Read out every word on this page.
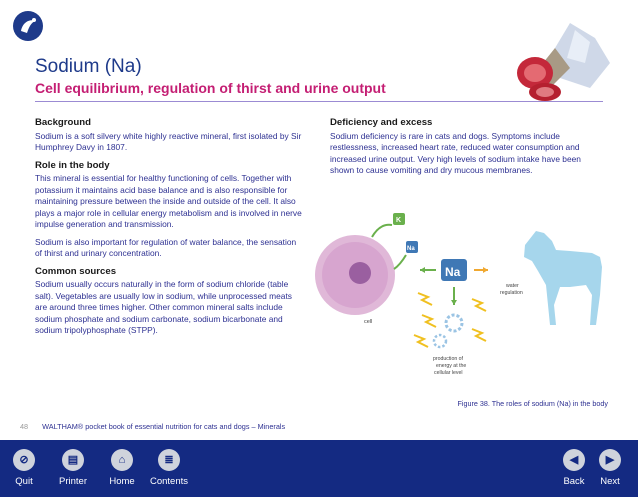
Sodium (Na)
Cell equilibrium, regulation of thirst and urine output
Background

Sodium is a soft silvery white highly reactive mineral, first isolated by Sir Humphrey Davy in 1807.

Role in the body

This mineral is essential for healthy functioning of cells. Together with potassium it maintains acid base balance and is also responsible for maintaining pressure between the inside and outside of the cell. It also plays a major role in cellular energy metabolism and is involved in nerve impulse generation and transmission.

Sodium is also important for regulation of water balance, the sensation of thirst and urinary concentration.

Common sources

Sodium usually occurs naturally in the form of sodium chloride (table salt). Vegetables are usually low in sodium, while unprocessed meats are around three times higher. Other common mineral salts include sodium phosphate and sodium carbonate, sodium bicarbonate and sodium tripolyphosphate (STPP).

Deficiency and excess

Sodium deficiency is rare in cats and dogs. Symptoms include restlessness, increased heart rate, reduced water consumption and increased urine output. Very high levels of sodium intake have been shown to cause vomiting and dry mucous membranes.

cell
K
Na
Na
production of energy at the cellular level
water regulation
Figure 38. The roles of sodium (Na) in the body
48 WALTHAM® pocket book of essential nutrition for cats and dogs – Minerals
⊘
Quit
▤
Printer
⌂
Home
≣
Contents
◀
Back
▶
Next
